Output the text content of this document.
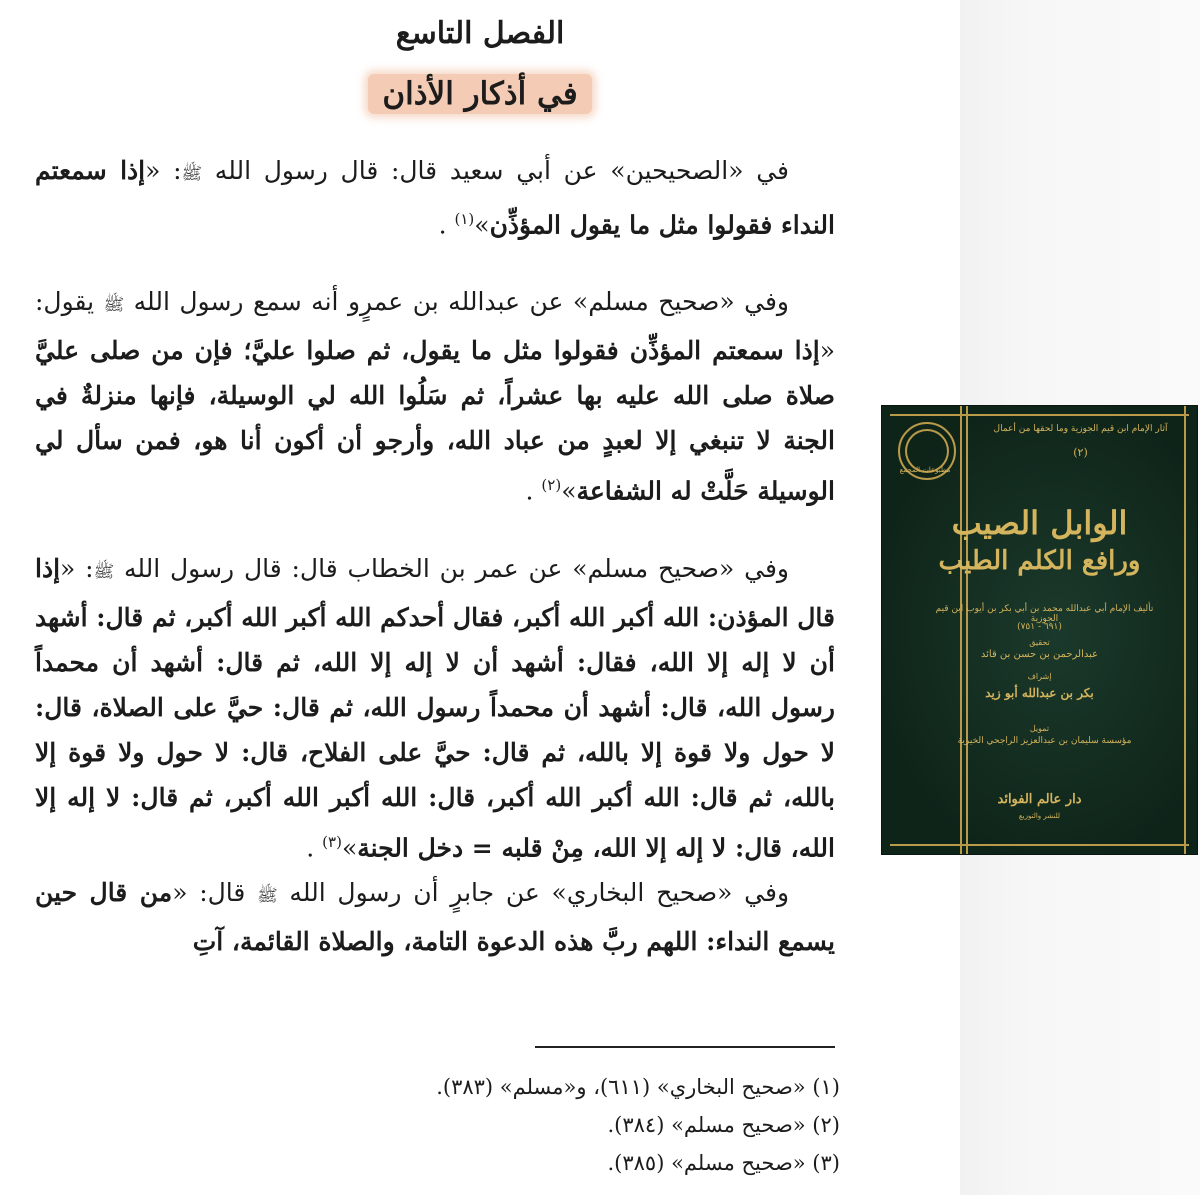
الفصل التاسع

في أذكار الأذان

في «الصحيحين» عن أبي سعيد قال: قال رسول الله ﷺ: «إذا سمعتم النداء فقولوا مثل ما يقول المؤذِّن»$^{(١)}$ .

وفي «صحيح مسلم» عن عبدالله بن عمرٍو أنه سمع رسول الله ﷺ يقول: «إذا سمعتم المؤذِّن فقولوا مثل ما يقول، ثم صلوا عليَّ؛ فإن من صلى عليَّ صلاة صلى الله عليه بها عشراً، ثم سَلُوا الله لي الوسيلة، فإنها منزلةٌ في الجنة لا تنبغي إلا لعبدٍ من عباد الله، وأرجو أن أكون أنا هو، فمن سأل لي الوسيلة حَلَّتْ له الشفاعة»$^{(٢)}$ .

وفي «صحيح مسلم» عن عمر بن الخطاب قال: قال رسول الله ﷺ: «إذا قال المؤذن: الله أكبر الله أكبر، فقال أحدكم الله أكبر الله أكبر، ثم قال: أشهد أن لا إله إلا الله، فقال: أشهد أن لا إله إلا الله، ثم قال: أشهد أن محمداً رسول الله، قال: أشهد أن محمداً رسول الله، ثم قال: حيَّ على الصلاة، قال: لا حول ولا قوة إلا بالله، ثم قال: حيَّ على الفلاح، قال: لا حول ولا قوة إلا بالله، ثم قال: الله أكبر الله أكبر، قال: الله أكبر الله أكبر، ثم قال: لا إله إلا الله، قال: لا إله إلا الله، مِنْ قلبه = دخل الجنة»$^{(٣)}$ .

وفي «صحيح البخاري» عن جابرٍ أن رسول الله ﷺ قال: «من قال حين يسمع النداء: اللهم ربَّ هذه الدعوة التامة، والصلاة القائمة، آتِ

(١) «صحيح البخاري» (٦١١)، و«مسلم» (٣٨٣).

(٢) «صحيح مسلم» (٣٨٤).

(٣) «صحيح مسلم» (٣٨٥).

آثار الإمام ابن قيم الجوزية وما لحقها من أعمال
(٢)
مطبوعات المجمع
الوابل الصيب
ورافع الكلم الطيب
تأليف الإمام أبي عبدالله محمد بن أبي بكر بن أيوب ابن قيم الجوزية
(٦٩١ - ٧٥١)
تحقيق
عبدالرحمن بن حسن بن قائد
إشراف
بكر بن عبدالله أبو زيد
تمويل
مؤسسة سليمان بن عبدالعزيز الراجحي الخيرية
دار عالم الفوائد
للنشر والتوزيع
